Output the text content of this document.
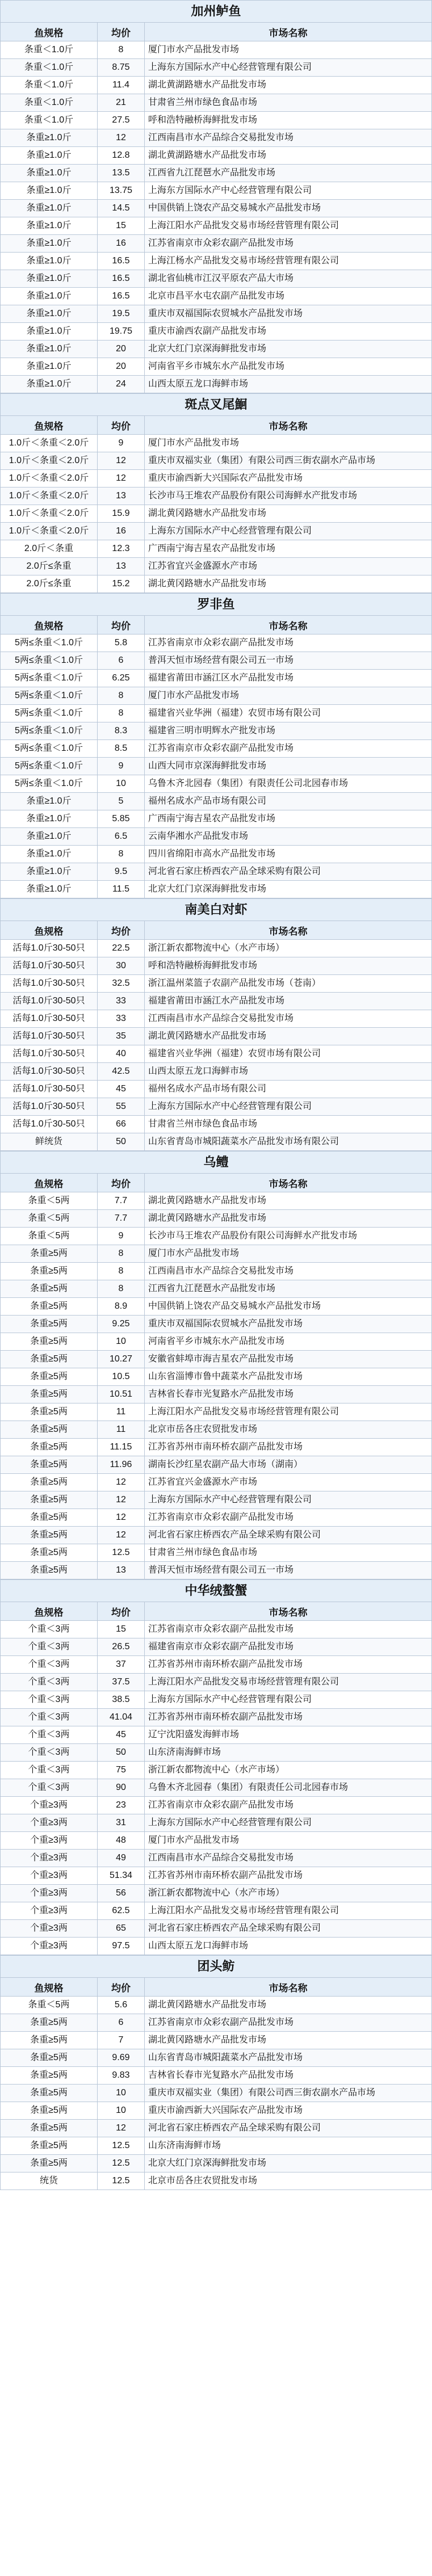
加州鲈鱼
鱼规格	均价	市场名称
条重＜1.0斤	8	厦门市水产品批发市场
条重＜1.0斤	8.75	上海东方国际水产中心经营管理有限公司
条重＜1.0斤	11.4	湖北黄湖路塘水产品批发市场
条重＜1.0斤	21	甘肃省兰州市绿色食品市场
条重＜1.0斤	27.5	呼和浩特融桥海鲜批发市场
条重≥1.0斤	12	江西南昌市水产品综合交易批发市场
条重≥1.0斤	12.8	湖北黄湖路塘水产品批发市场
条重≥1.0斤	13.5	江西省九江琵琶水产品批发市场
条重≥1.0斤	13.75	上海东方国际水产中心经营管理有限公司
条重≥1.0斤	14.5	中国供销上饶农产品交易城水产品批发市场
条重≥1.0斤	15	上海江阳水产品批发交易市场经营管理有限公司
条重≥1.0斤	16	江苏省南京市众彩农副产品批发市场
条重≥1.0斤	16.5	上海江杨水产品批发交易市场经营管理有限公司
条重≥1.0斤	16.5	湖北省仙桃市江汉平原农产品大市场
条重≥1.0斤	16.5	北京市昌平水屯农副产品批发市场
条重≥1.0斤	19.5	重庆市双福国际农贸城水产品批发市场
条重≥1.0斤	19.75	重庆市渝西农副产品批发市场
条重≥1.0斤	20	北京大红门京深海鲜批发市场
条重≥1.0斤	20	河南省平乡市城东水产品批发市场
条重≥1.0斤	24	山西太原五龙口海鲜市场
斑点叉尾鮰
鱼规格	均价	市场名称
1.0斤＜条重＜2.0斤	9	厦门市水产品批发市场
1.0斤＜条重＜2.0斤	12	重庆市双福实业（集团）有限公司西三街农副水产品市场
1.0斤＜条重＜2.0斤	12	重庆市渝西新大兴国际农产品批发市场
1.0斤＜条重＜2.0斤	13	长沙市马王堆农产品股份有限公司海鲜水产批发市场
1.0斤＜条重＜2.0斤	15.9	湖北黄冈路塘水产品批发市场
1.0斤＜条重＜2.0斤	16	上海东方国际水产中心经营管理有限公司
2.0斤＜条重	12.3	广西南宁海吉星农产品批发市场
2.0斤≤条重	13	江苏省宜兴金盛源水产市场
2.0斤≤条重	15.2	湖北黄冈路塘水产品批发市场
罗非鱼
鱼规格	均价	市场名称
5两≤条重＜1.0斤	5.8	江苏省南京市众彩农副产品批发市场
5两≤条重＜1.0斤	6	普洱天恒市场经营有限公司五一市场
5两≤条重＜1.0斤	6.25	福建省莆田市涵江区水产品批发市场
5两≤条重＜1.0斤	8	厦门市水产品批发市场
5两≤条重＜1.0斤	8	福建省兴业华洲（福建）农贸市场有限公司
5两≤条重＜1.0斤	8.3	福建省三明市明辉水产批发市场
5两≤条重＜1.0斤	8.5	江苏省南京市众彩农副产品批发市场
5两≤条重＜1.0斤	9	山西大同市京深海鲜批发市场
5两≤条重＜1.0斤	10	乌鲁木齐北园春（集团）有限责任公司北园春市场
条重≥1.0斤	5	福州名成水产品市场有限公司
条重≥1.0斤	5.85	广西南宁海吉星农产品批发市场
条重≥1.0斤	6.5	云南华湘水产品批发市场
条重≥1.0斤	8	四川省绵阳市高水产品批发市场
条重≥1.0斤	9.5	河北省石家庄桥西农产品全球采购有限公司
条重≥1.0斤	11.5	北京大红门京深海鲜批发市场
南美白对虾
鱼规格	均价	市场名称
活每1.0斤30-50只	22.5	浙江新农都物流中心（水产市场）
活每1.0斤30-50只	30	呼和浩特融桥海鲜批发市场
活每1.0斤30-50只	32.5	浙江温州菜篮子农副产品批发市场（苍南）
活每1.0斤30-50只	33	福建省莆田市涵江水产品批发市场
活每1.0斤30-50只	33	江西南昌市水产品综合交易批发市场
活每1.0斤30-50只	35	湖北黄冈路塘水产品批发市场
活每1.0斤30-50只	40	福建省兴业华洲（福建）农贸市场有限公司
活每1.0斤30-50只	42.5	山西太原五龙口海鲜市场
活每1.0斤30-50只	45	福州名成水产品市场有限公司
活每1.0斤30-50只	55	上海东方国际水产中心经营管理有限公司
活每1.0斤30-50只	66	甘肃省兰州市绿色食品市场
鲜统货	50	山东省青岛市城阳蔬菜水产品批发市场有限公司
乌鳢
鱼规格	均价	市场名称
条重＜5两	7.7	湖北黄冈路塘水产品批发市场
条重＜5两	7.7	湖北黄冈路塘水产品批发市场
条重＜5两	9	长沙市马王堆农产品股份有限公司海鲜水产批发市场
条重≥5两	8	厦门市水产品批发市场
条重≥5两	8	江西南昌市水产品综合交易批发市场
条重≥5两	8	江西省九江琵琶水产品批发市场
条重≥5两	8.9	中国供销上饶农产品交易城水产品批发市场
条重≥5两	9.25	重庆市双福国际农贸城水产品批发市场
条重≥5两	10	河南省平乡市城东水产品批发市场
条重≥5两	10.27	安徽省蚌埠市海吉星农产品批发市场
条重≥5两	10.5	山东省淄博市鲁中蔬菜水产品批发市场
条重≥5两	10.51	吉林省长春市光复路水产品批发市场
条重≥5两	11	上海江阳水产品批发交易市场经营管理有限公司
条重≥5两	11	北京市岳各庄农贸批发市场
条重≥5两	11.15	江苏省苏州市南环桥农副产品批发市场
条重≥5两	11.96	湖南长沙红星农副产品大市场（湖南）
条重≥5两	12	江苏省宜兴金盛源水产市场
条重≥5两	12	上海东方国际水产中心经营管理有限公司
条重≥5两	12	江苏省南京市众彩农副产品批发市场
条重≥5两	12	河北省石家庄桥西农产品全球采购有限公司
条重≥5两	12.5	甘肃省兰州市绿色食品市场
条重≥5两	13	普洱天恒市场经营有限公司五一市场
中华绒螯蟹
鱼规格	均价	市场名称
个重＜3两	15	江苏省南京市众彩农副产品批发市场
个重＜3两	26.5	福建省南京市众彩农副产品批发市场
个重＜3两	37	江苏省苏州市南环桥农副产品批发市场
个重＜3两	37.5	上海江阳水产品批发交易市场经营管理有限公司
个重＜3两	38.5	上海东方国际水产中心经营管理有限公司
个重＜3两	41.04	江苏省苏州市南环桥农副产品批发市场
个重＜3两	45	辽宁沈阳盛发海鲜市场
个重＜3两	50	山东济南海鲜市场
个重＜3两	75	浙江新农都物流中心（水产市场）
个重＜3两	90	乌鲁木齐北园春（集团）有限责任公司北园春市场
个重≥3两	23	江苏省南京市众彩农副产品批发市场
个重≥3两	31	上海东方国际水产中心经营管理有限公司
个重≥3两	48	厦门市水产品批发市场
个重≥3两	49	江西南昌市水产品综合交易批发市场
个重≥3两	51.34	江苏省苏州市南环桥农副产品批发市场
个重≥3两	56	浙江新农都物流中心（水产市场）
个重≥3两	62.5	上海江阳水产品批发交易市场经营管理有限公司
个重≥3两	65	河北省石家庄桥西农产品全球采购有限公司
个重≥3两	97.5	山西太原五龙口海鲜市场
团头鲂
鱼规格	均价	市场名称
条重＜5两	5.6	湖北黄冈路塘水产品批发市场
条重≥5两	6	江苏省南京市众彩农副产品批发市场
条重≥5两	7	湖北黄冈路塘水产品批发市场
条重≥5两	9.69	山东省青岛市城阳蔬菜水产品批发市场
条重≥5两	9.83	吉林省长春市光复路水产品批发市场
条重≥5两	10	重庆市双福实业（集团）有限公司西三街农副水产品市场
条重≥5两	10	重庆市渝西新大兴国际农产品批发市场
条重≥5两	12	河北省石家庄桥西农产品全球采购有限公司
条重≥5两	12.5	山东济南海鲜市场
条重≥5两	12.5	北京大红门京深海鲜批发市场
统货	12.5	北京市岳各庄农贸批发市场
